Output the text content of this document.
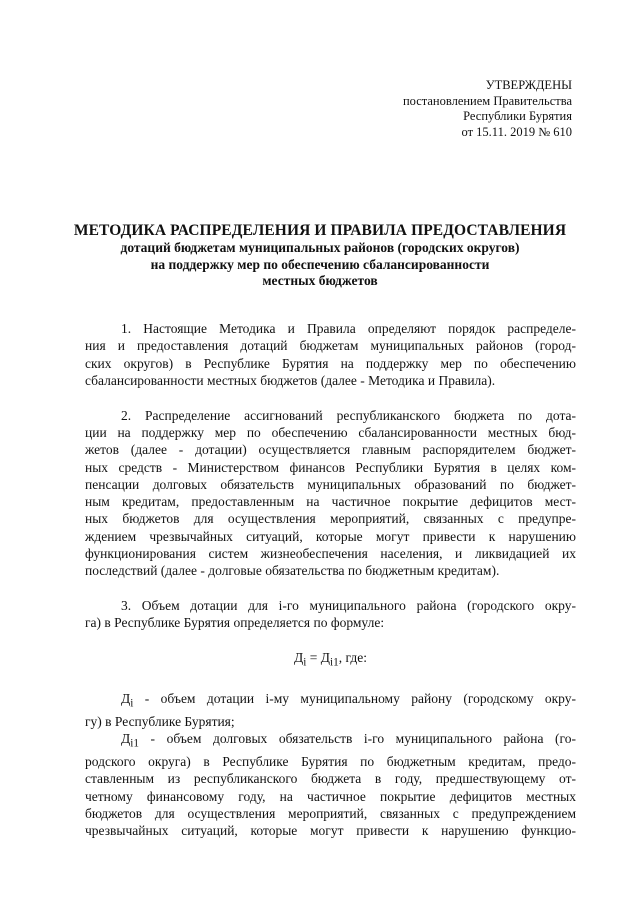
УТВЕРЖДЕНЫ
постановлением Правительства
Республики Бурятия
от 15.11. 2019 № 610
МЕТОДИКА РАСПРЕДЕЛЕНИЯ И ПРАВИЛА ПРЕДОСТАВЛЕНИЯ
дотаций бюджетам муниципальных районов (городских округов)
на поддержку мер по обеспечению сбалансированности
местных бюджетов
1. Настоящие Методика и Правила определяют порядок распределе-
ния и предоставления дотаций бюджетам муниципальных районов (город-
ских округов) в Республике Бурятия на поддержку мер по обеспечению
сбалансированности местных бюджетов (далее - Методика и Правила).
2. Распределение ассигнований республиканского бюджета по дота-
ции на поддержку мер по обеспечению сбалансированности местных бюд-
жетов (далее - дотации) осуществляется главным распорядителем бюджет-
ных средств - Министерством финансов Республики Бурятия в целях ком-
пенсации долговых обязательств муниципальных образований по бюджет-
ным кредитам, предоставленным на частичное покрытие дефицитов мест-
ных бюджетов для осуществления мероприятий, связанных с предупре-
ждением чрезвычайных ситуаций, которые могут привести к нарушению
функционирования систем жизнеобеспечения населения, и ликвидацией их
последствий (далее - долговые обязательства по бюджетным кредитам).
3. Объем дотации для i-го муниципального района (городского окру-
га) в Республике Бурятия определяется по формуле:
$Д_i = Д_{i1}$, где:
$Д_i$ - объем дотации i-му муниципальному району (городскому окру-
гу) в Республике Бурятия;
$Д_{i1}$ - объем долговых обязательств i-го муниципального района (го-
родского округа) в Республике Бурятия по бюджетным кредитам, предо-
ставленным из республиканского бюджета в году, предшествующему от-
четному финансовому году, на частичное покрытие дефицитов местных
бюджетов для осуществления мероприятий, связанных с предупреждением
чрезвычайных ситуаций, которые могут привести к нарушению функцио-
